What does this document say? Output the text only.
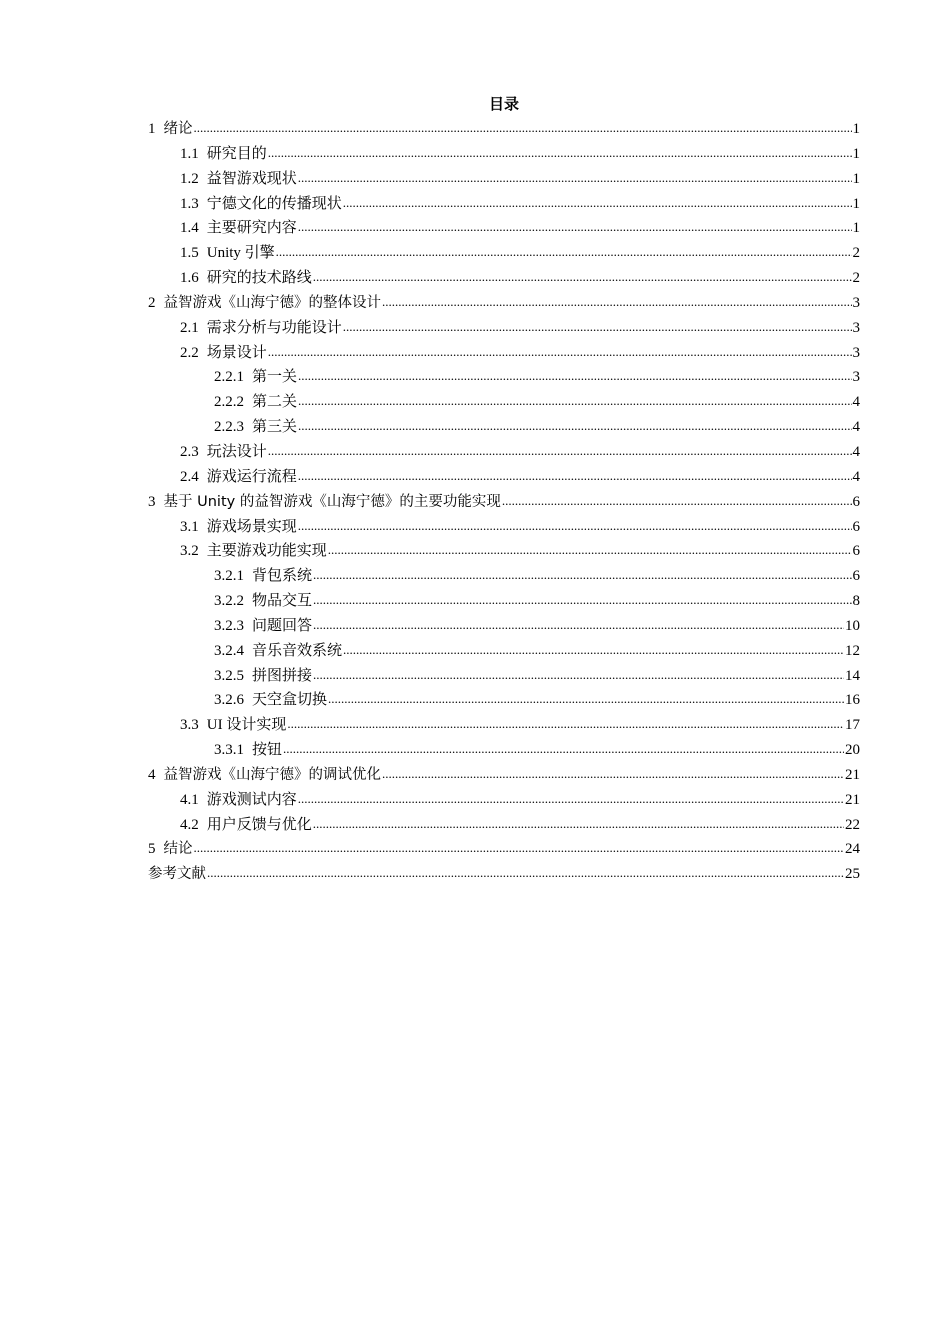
目录
1 绪论 .....	1
1.1 研究目的 .....	1
1.2 益智游戏现状 .....	1
1.3 宁德文化的传播现状 .....	1
1.4 主要研究内容 .....	1
1.5 Unity 引擎 .....	2
1.6 研究的技术路线 .....	2
2 益智游戏《山海宁德》的整体设计 .....	3
2.1 需求分析与功能设计 .....	3
2.2 场景设计 .....	3
2.2.1 第一关 .....	3
2.2.2 第二关 .....	4
2.2.3 第三关 .....	4
2.3 玩法设计 .....	4
2.4 游戏运行流程 .....	4
3 基于 Unity 的益智游戏《山海宁德》的主要功能实现 .....	6
3.1 游戏场景实现 .....	6
3.2 主要游戏功能实现 .....	6
3.2.1 背包系统 .....	6
3.2.2 物品交互 .....	8
3.2.3 问题回答 .....	10
3.2.4 音乐音效系统 .....	12
3.2.5 拼图拼接 .....	14
3.2.6 天空盒切换 .....	16
3.3 UI 设计实现 .....	17
3.3.1 按钮 .....	20
4 益智游戏《山海宁德》的调试优化 .....	21
4.1 游戏测试内容 .....	21
4.2 用户反馈与优化 .....	22
5 结论 .....	24
参考文献 .....	25
